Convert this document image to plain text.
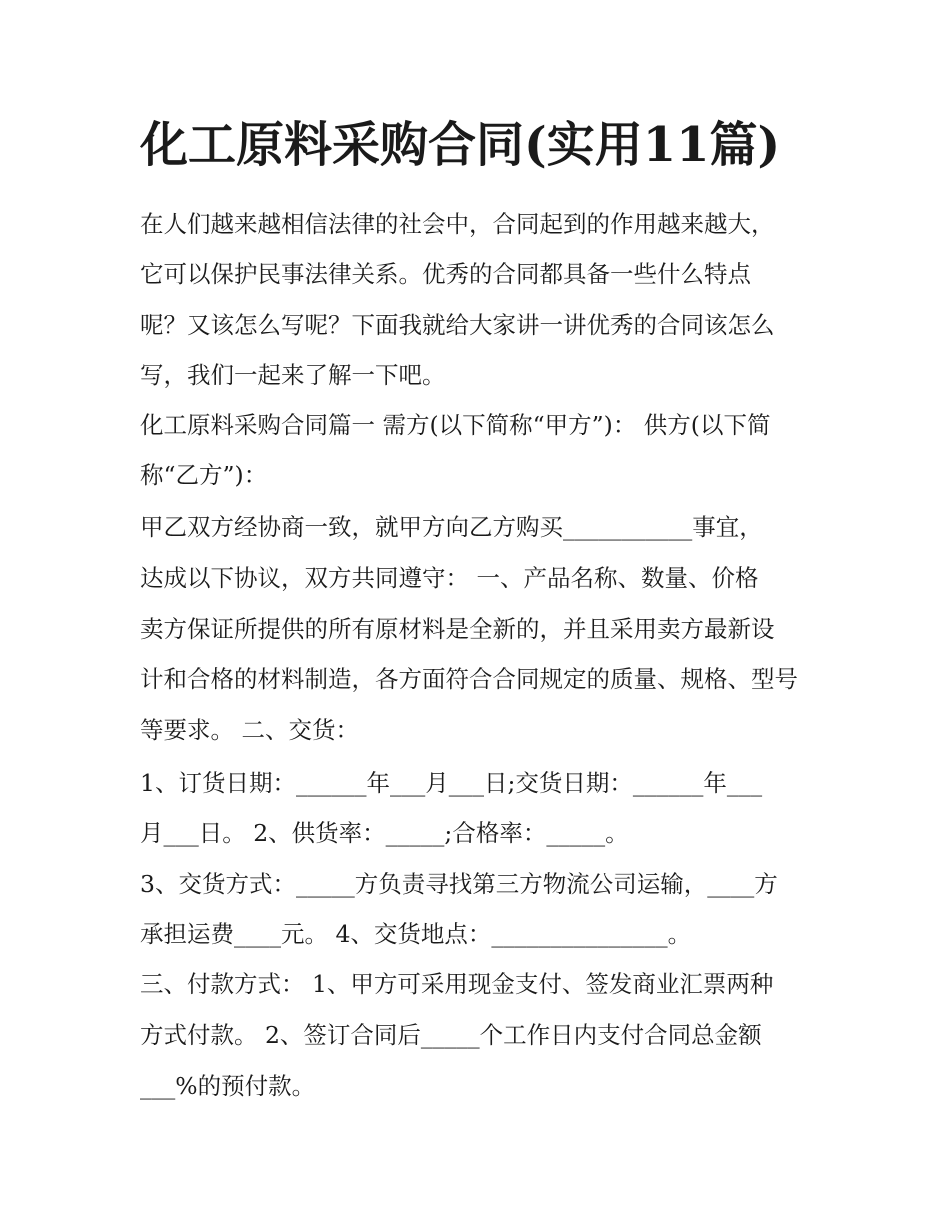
化工原料采购合同(实用11篇)
在人们越来越相信法律的社会中，合同起到的作用越来越大，
它可以保护民事法律关系。优秀的合同都具备一些什么特点
呢？又该怎么写呢？下面我就给大家讲一讲优秀的合同该怎么
写，我们一起来了解一下吧。
化工原料采购合同篇一 需方(以下简称“甲方”)： 供方(以下简
称“乙方”)：
甲乙双方经协商一致，就甲方向乙方购买___________事宜，
达成以下协议，双方共同遵守： 一、产品名称、数量、价格
卖方保证所提供的所有原材料是全新的，并且采用卖方最新设
计和合格的材料制造，各方面符合合同规定的质量、规格、型号
等要求。 二、交货：
1、订货日期：______年___月___日;交货日期：______年___
月___日。 2、供货率：_____;合格率：_____。
3、交货方式：_____方负责寻找第三方物流公司运输，____方
承担运费____元。 4、交货地点：_______________。
三、付款方式： 1、甲方可采用现金支付、签发商业汇票两种
方式付款。 2、签订合同后_____个工作日内支付合同总金额
___%的预付款。
